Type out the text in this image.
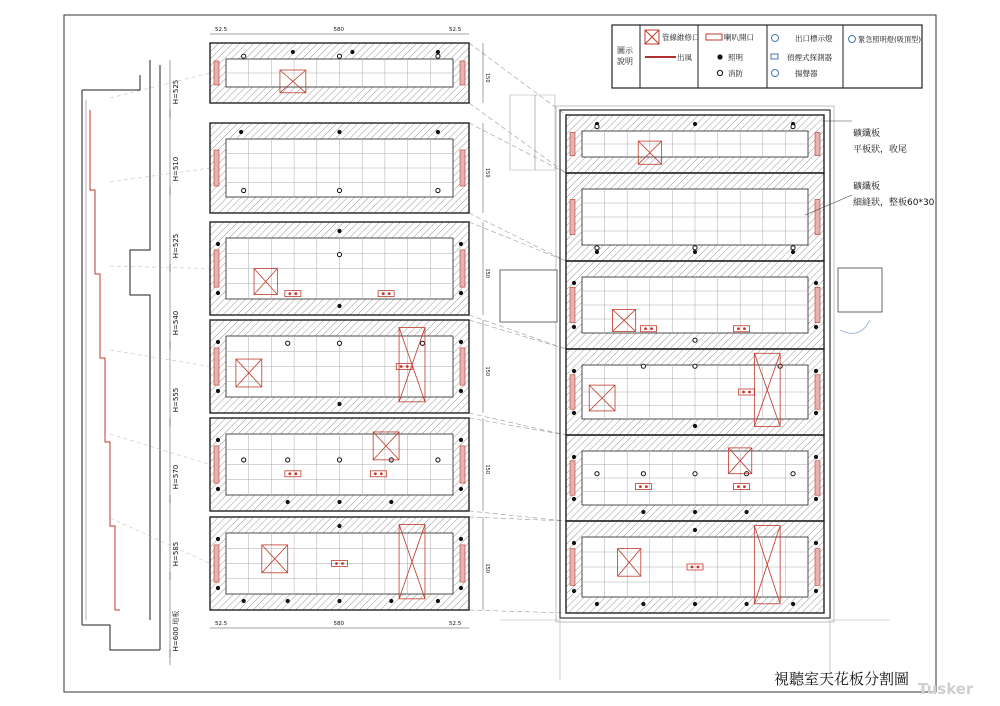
H=525
H=510
H=525
H=540
H=555
H=570
H=585
H=600 地板
52.5	580	52.5
52.5	580	52.5
150
150
150
150
150
150
圖示 說明
管線維修口
出風
喇叭開口
照明
消防
出口標示燈
偵煙式探測器
揚聲器
緊急照明燈(吸頂型)
礦纖板
平板狀，收尾
礦纖板
細縫狀，整板60*30
視聽室天花板分割圖
Tusker
